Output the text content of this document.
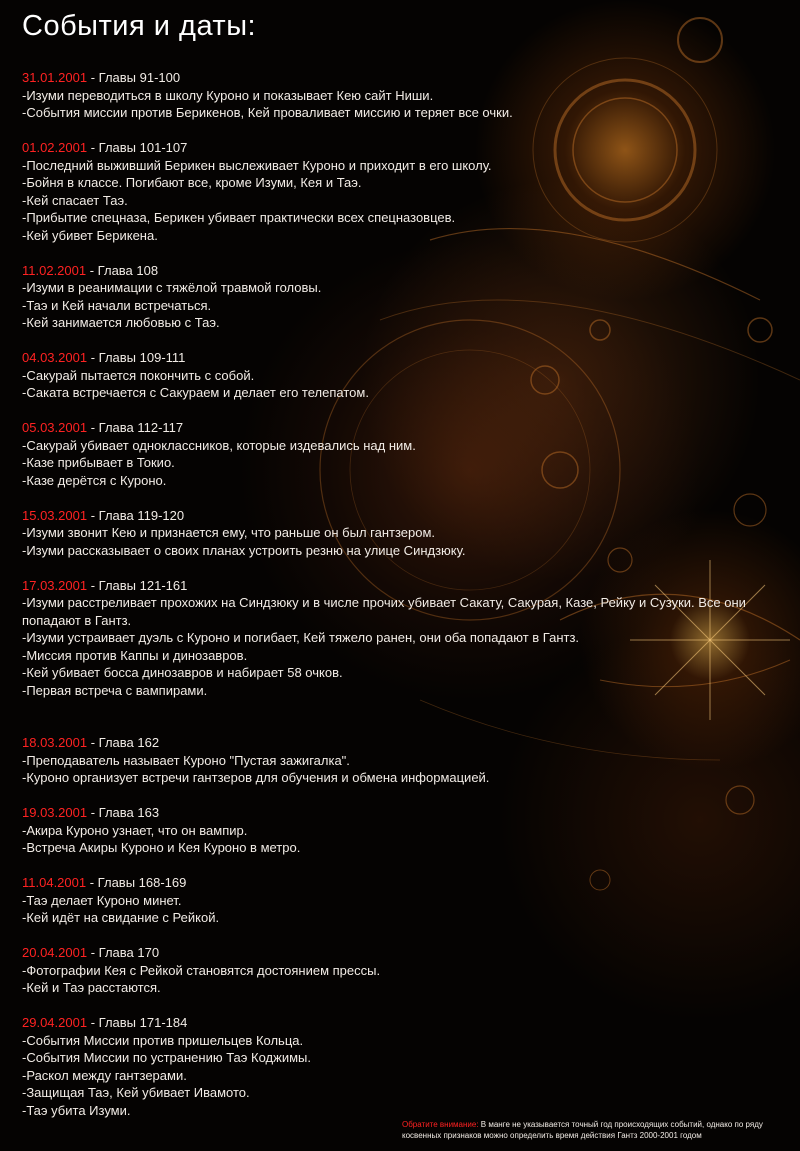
События и даты:

31.01.2001 - Главы 91-100

-Изуми переводиться в школу Куроно и показывает Кею сайт Ниши.

-События миссии против Берикенов, Кей проваливает миссию и теряет все очки.

01.02.2001 - Главы 101-107

-Последний выживший Берикен выслеживает Куроно и приходит в его школу.

-Бойня в классе. Погибают все, кроме Изуми, Кея и Таэ.

-Кей спасает Таэ.

-Прибытие спецназа, Берикен убивает практически всех спецназовцев.

-Кей убивет Берикена.

11.02.2001 - Глава 108

-Изуми в реанимации с тяжёлой травмой головы.

-Таэ и Кей начали встречаться.

-Кей занимается любовью с Таэ.

04.03.2001 - Главы 109-111

-Сакурай пытается покончить с собой.

-Саката встречается с Сакураем и делает его телепатом.

05.03.2001 - Глава 112-117

-Сакурай убивает одноклассников, которые издевались над ним.

-Казе прибывает в Токио.

-Казе дерётся с Куроно.

15.03.2001 - Глава 119-120

-Изуми звонит Кею и признается ему, что раньше он был гантзером.

-Изуми рассказывает о своих планах устроить резню на улице Синдзюку.

17.03.2001 - Главы 121-161

-Изуми расстреливает прохожих на Синдзюку и в числе прочих убивает Сакату, Сакурая, Казе, Рейку и Сузуки. Все они попадают в Гантз.

-Изуми устраивает дуэль с Куроно и погибает, Кей тяжело ранен, они оба попадают в Гантз.

-Миссия против Каппы и динозавров.

-Кей убивает босса динозавров и набирает 58 очков.

-Первая встреча с вампирами.

18.03.2001 - Глава 162

-Преподаватель называет Куроно "Пустая зажигалка".

-Куроно организует встречи гантзеров для обучения и обмена информацией.

19.03.2001 - Глава 163

-Акира Куроно узнает, что он вампир.

-Встреча Акиры Куроно и Кея Куроно в метро.

11.04.2001 - Главы 168-169

-Таэ делает Куроно минет.

-Кей идёт на свидание с Рейкой.

20.04.2001 - Глава 170

-Фотографии Кея с Рейкой становятся достоянием прессы.

-Кей и Таэ расстаются.

29.04.2001 - Главы 171-184

-События Миссии против пришельцев Кольца.

-События Миссии по устранению Таэ Коджимы.

-Раскол между гантзерами.

-Защищая Таэ, Кей убивает Ивамото.

-Таэ убита Изуми.

Обратите внимание: В манге не указывается точный год происходящих событий, однако по ряду косвенных признаков можно определить время действия Гантз 2000-2001 годом
